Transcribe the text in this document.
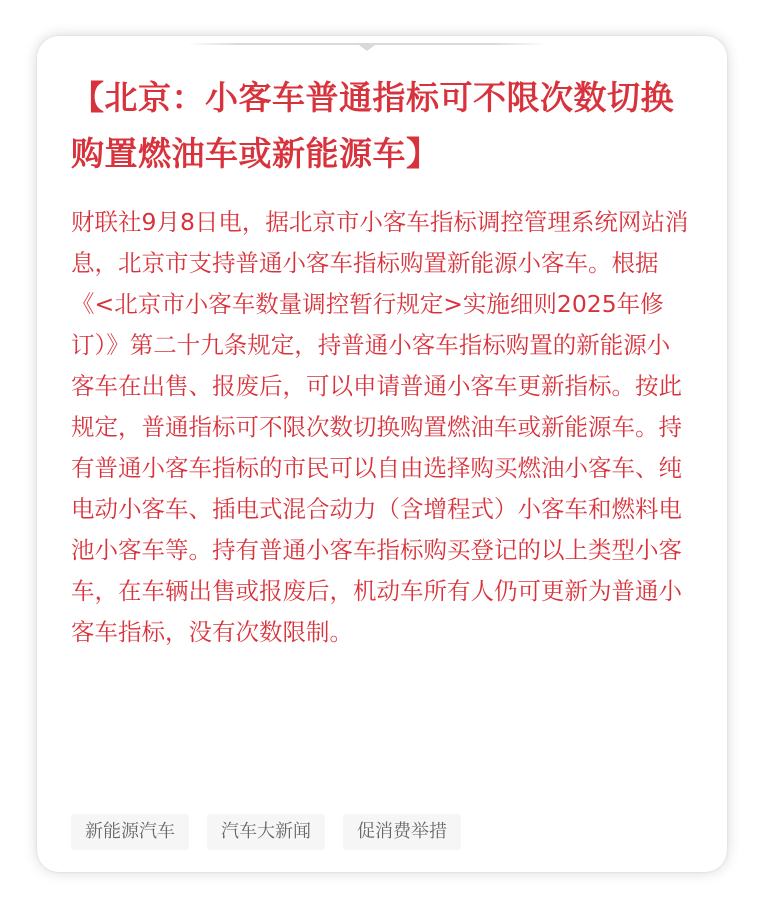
【北京：小客车普通指标可不限次数切换购置燃油车或新能源车】

财联社9月8日电，据北京市小客车指标调控管理系统网站消息，北京市支持普通小客车指标购置新能源小客车。根据《<北京市小客车数量调控暂行规定>实施细则2025年修订）》第二十九条规定，持普通小客车指标购置的新能源小客车在出售、报废后，可以申请普通小客车更新指标。按此规定，普通指标可不限次数切换购置燃油车或新能源车。持有普通小客车指标的市民可以自由选择购买燃油小客车、纯电动小客车、插电式混合动力（含增程式）小客车和燃料电池小客车等。持有普通小客车指标购买登记的以上类型小客车，在车辆出售或报废后，机动车所有人仍可更新为普通小客车指标，没有次数限制。

新能源汽车	汽车大新闻	促消费举措
